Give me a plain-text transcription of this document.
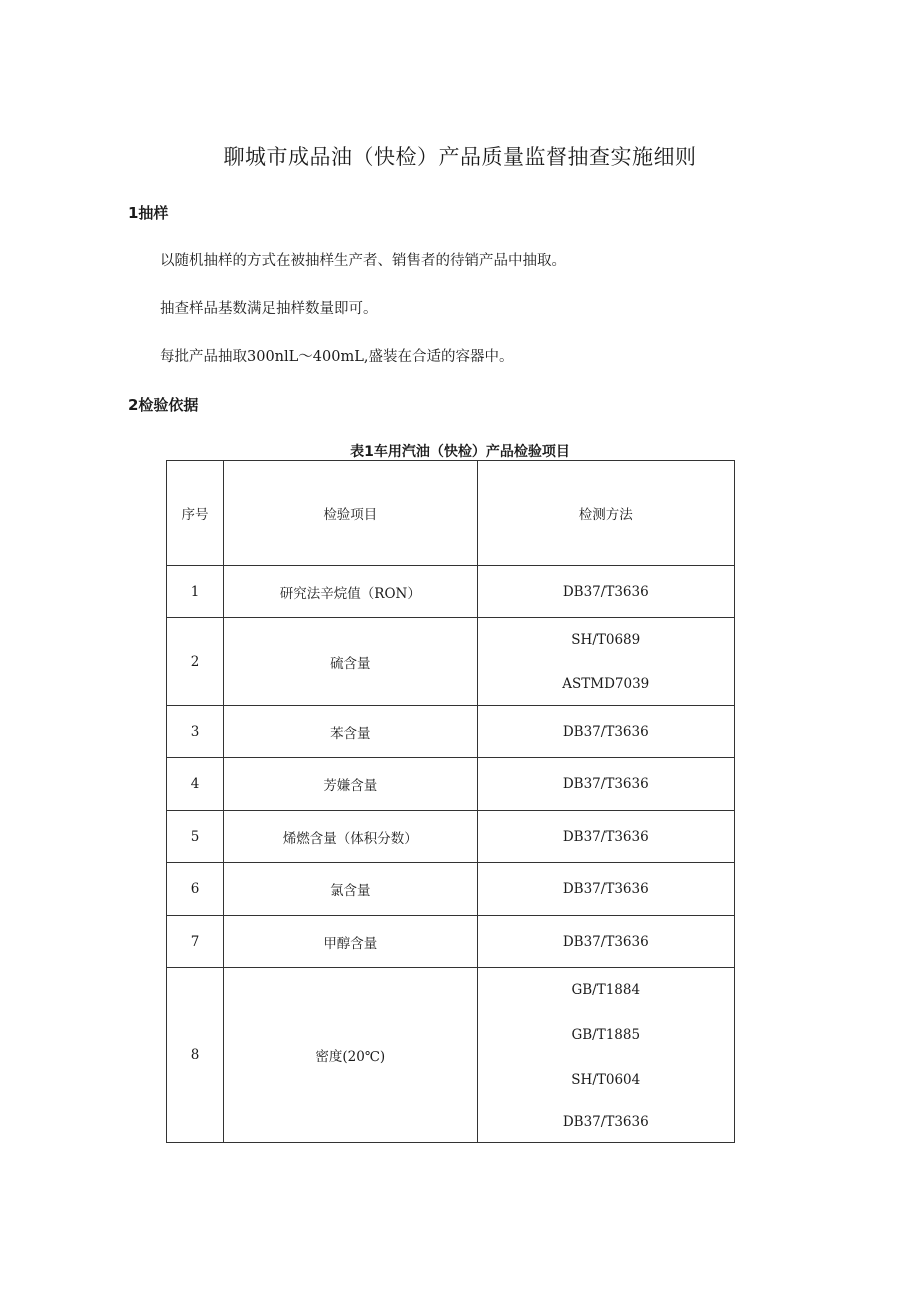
聊城市成品油（快检）产品质量监督抽查实施细则
1抽样
以随机抽样的方式在被抽样生产者、销售者的待销产品中抽取。
抽查样品基数满足抽样数量即可。
每批产品抽取300nlL～400mL,盛装在合适的容器中。
2检验依据
表1车用汽油（快检）产品检验项目
序号	检验项目	检测方法
1	研究法辛烷值（RON）	DB37/T3636
2	硫含量	SH/T0689
ASTMD7039

3	苯含量	DB37/T3636
4	芳嫌含量	DB37/T3636
5	烯燃含量（体积分数）	DB37/T3636
6	氯含量	DB37/T3636
7	甲醇含量	DB37/T3636
8	密度(20℃)	GB/T1884
GB/T1885
SH/T0604
DB37/T3636
